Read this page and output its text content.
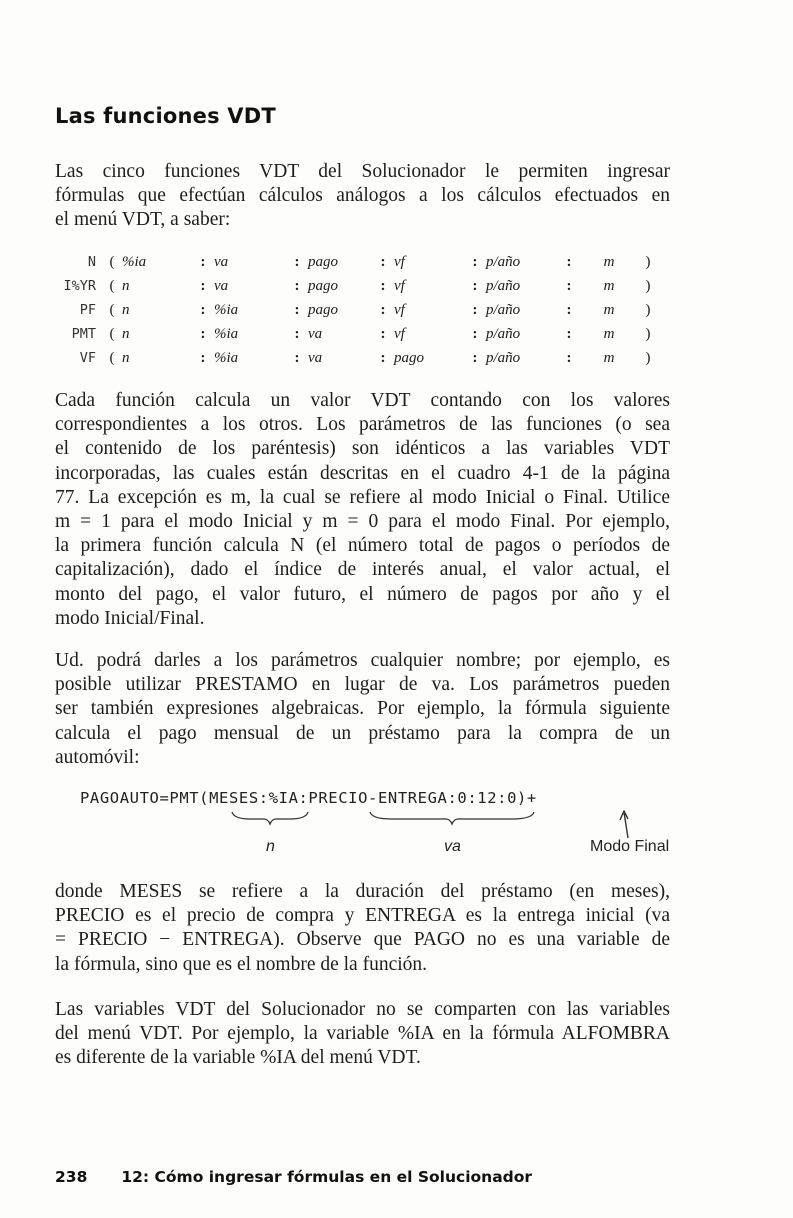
Las funciones VDT

Las cinco funciones VDT del Solucionador le permiten ingresar
fórmulas que efectúan cálculos análogos a los cálculos efectuados en
el menú VDT, a saber:

N	(	%ia	:	va	:	pago	:	vf	:	p/año	:	m	)
I%YR	(	n	:	va	:	pago	:	vf	:	p/año	:	m	)
PF	(	n	:	%ia	:	pago	:	vf	:	p/año	:	m	)
PMT	(	n	:	%ia	:	va	:	vf	:	p/año	:	m	)
VF	(	n	:	%ia	:	va	:	pago	:	p/año	:	m	)

Cada función calcula un valor VDT contando con los valores
correspondientes a los otros. Los parámetros de las funciones (o sea
el contenido de los paréntesis) son idénticos a las variables VDT
incorporadas, las cuales están descritas en el cuadro 4-1 de la página
77. La excepción es m, la cual se refiere al modo Inicial o Final. Utilice
m = 1 para el modo Inicial y m = 0 para el modo Final. Por ejemplo,
la primera función calcula N (el número total de pagos o períodos de
capitalización), dado el índice de interés anual, el valor actual, el
monto del pago, el valor futuro, el número de pagos por año y el
modo Inicial/Final.

Ud. podrá darles a los parámetros cualquier nombre; por ejemplo, es
posible utilizar PRESTAMO en lugar de va. Los parámetros pueden
ser también expresiones algebraicas. Por ejemplo, la fórmula siguiente
calcula el pago mensual de un préstamo para la compra de un
automóvil:

PAGOAUTO=PMT(MESES:%IA:PRECIO-ENTREGA:0:12:0)+
n	va	Modo Final

donde MESES se refiere a la duración del préstamo (en meses),
PRECIO es el precio de compra y ENTREGA es la entrega inicial (va
= PRECIO − ENTREGA). Observe que PAGO no es una variable de
la fórmula, sino que es el nombre de la función.

Las variables VDT del Solucionador no se comparten con las variables
del menú VDT. Por ejemplo, la variable %IA en la fórmula ALFOMBRA
es diferente de la variable %IA del menú VDT.

238 12: Cómo ingresar fórmulas en el Solucionador
